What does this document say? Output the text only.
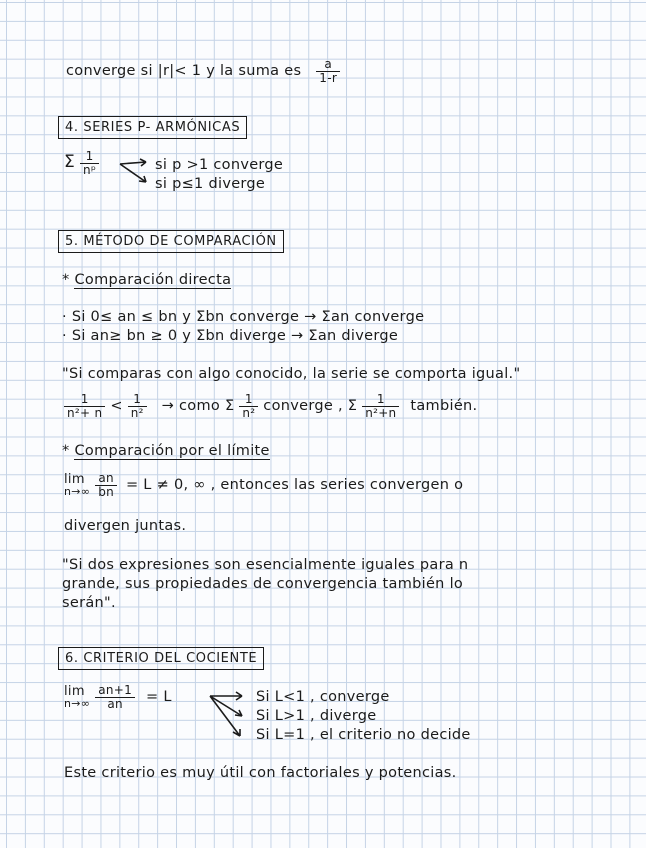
converge si |r|< 1 y la suma es $\frac{a}{1-r}$
4. SERIES P- ARMÓNICAS
Σ $\frac{1}{\text{nᵖ}}$	si p >1 converge
si p≤1 diverge
5. MÉTODO DE COMPARACIÓN
* Comparación directa
· Si 0≤ an ≤ bn y Σbn converge → Σan converge
· Si an≥ bn ≥ 0 y Σbn diverge → Σan diverge
"Si comparas con algo conocido, la serie se comporta igual."
$\frac{1}{\text{n²+ n}} < \frac{1}{\text{n²}}$ → como Σ $\frac{1}{\text{n²}}$ converge , Σ $\frac{1}{\text{n²+n}}$ también.
* Comparación por el límite
lim
n→∞
$\frac{an}{bn} = L \ne 0$, ∞ , entonces las series convergen o
divergen juntas.
"Si dos expresiones son esencialmente iguales para n
grande, sus propiedades de convergencia también lo
serán".
6. CRITERIO DEL COCIENTE
lim
n→∞
$\frac{an+1}{an} = L$	Si L<1 , converge
Si L>1 , diverge
Si L=1 , el criterio no decide
Este criterio es muy útil con factoriales y potencias.
